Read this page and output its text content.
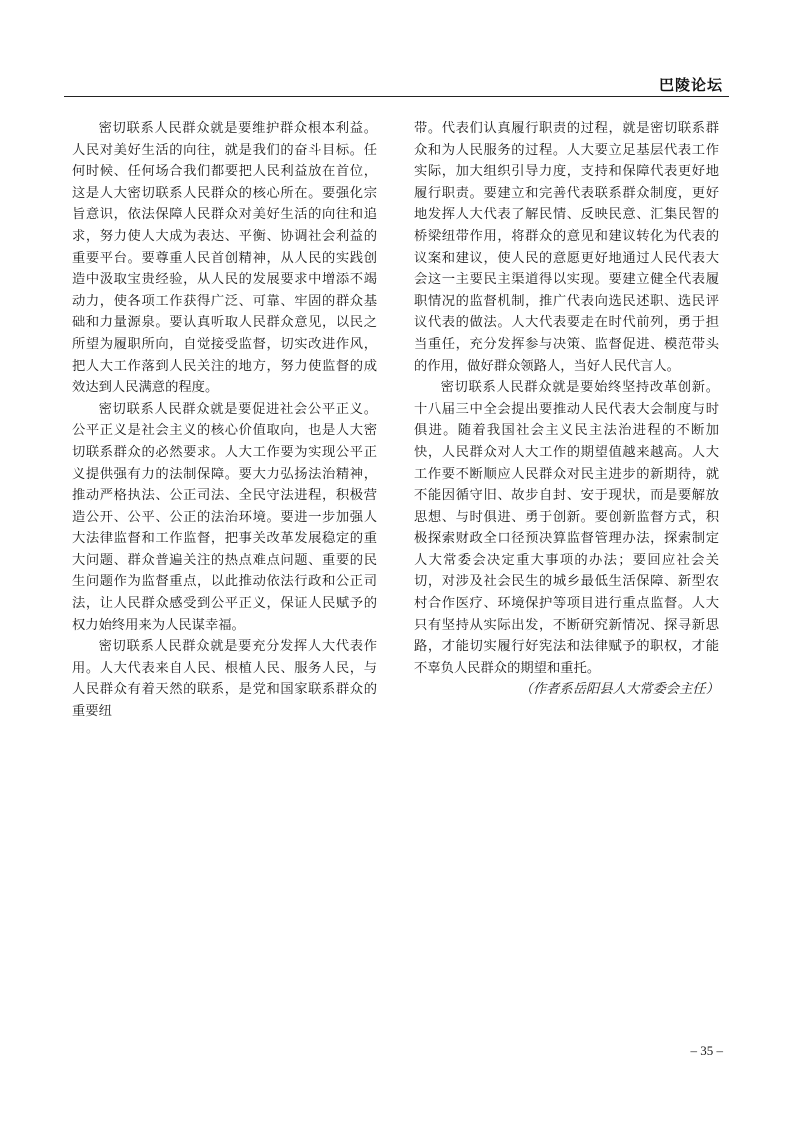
巴陵论坛

密切联系人民群众就是要维护群众根本利益。人民对美好生活的向往，就是我们的奋斗目标。任何时候、任何场合我们都要把人民利益放在首位，这是人大密切联系人民群众的核心所在。要强化宗旨意识，依法保障人民群众对美好生活的向往和追求，努力使人大成为表达、平衡、协调社会利益的重要平台。要尊重人民首创精神，从人民的实践创造中汲取宝贵经验，从人民的发展要求中增添不竭动力，使各项工作获得广泛、可靠、牢固的群众基础和力量源泉。要认真听取人民群众意见，以民之所望为履职所向，自觉接受监督，切实改进作风，把人大工作落到人民关注的地方，努力使监督的成效达到人民满意的程度。

密切联系人民群众就是要促进社会公平正义。公平正义是社会主义的核心价值取向，也是人大密切联系群众的必然要求。人大工作要为实现公平正义提供强有力的法制保障。要大力弘扬法治精神，推动严格执法、公正司法、全民守法进程，积极营造公开、公平、公正的法治环境。要进一步加强人大法律监督和工作监督，把事关改革发展稳定的重大问题、群众普遍关注的热点难点问题、重要的民生问题作为监督重点，以此推动依法行政和公正司法，让人民群众感受到公平正义，保证人民赋予的权力始终用来为人民谋幸福。

密切联系人民群众就是要充分发挥人大代表作用。人大代表来自人民、根植人民、服务人民，与人民群众有着天然的联系，是党和国家联系群众的重要纽

带。代表们认真履行职责的过程，就是密切联系群众和为人民服务的过程。人大要立足基层代表工作实际，加大组织引导力度，支持和保障代表更好地履行职责。要建立和完善代表联系群众制度，更好地发挥人大代表了解民情、反映民意、汇集民智的桥梁纽带作用，将群众的意见和建议转化为代表的议案和建议，使人民的意愿更好地通过人民代表大会这一主要民主渠道得以实现。要建立健全代表履职情况的监督机制，推广代表向选民述职、选民评议代表的做法。人大代表要走在时代前列，勇于担当重任，充分发挥参与决策、监督促进、模范带头的作用，做好群众领路人，当好人民代言人。

密切联系人民群众就是要始终坚持改革创新。十八届三中全会提出要推动人民代表大会制度与时俱进。随着我国社会主义民主法治进程的不断加快，人民群众对人大工作的期望值越来越高。人大工作要不断顺应人民群众对民主进步的新期待，就不能因循守旧、故步自封、安于现状，而是要解放思想、与时俱进、勇于创新。要创新监督方式，积极探索财政全口径预决算监督管理办法，探索制定人大常委会决定重大事项的办法；要回应社会关切，对涉及社会民生的城乡最低生活保障、新型农村合作医疗、环境保护等项目进行重点监督。人大只有坚持从实际出发，不断研究新情况、探寻新思路，才能切实履行好宪法和法律赋予的职权，才能不辜负人民群众的期望和重托。

（作者系岳阳县人大常委会主任）

– 35 –
